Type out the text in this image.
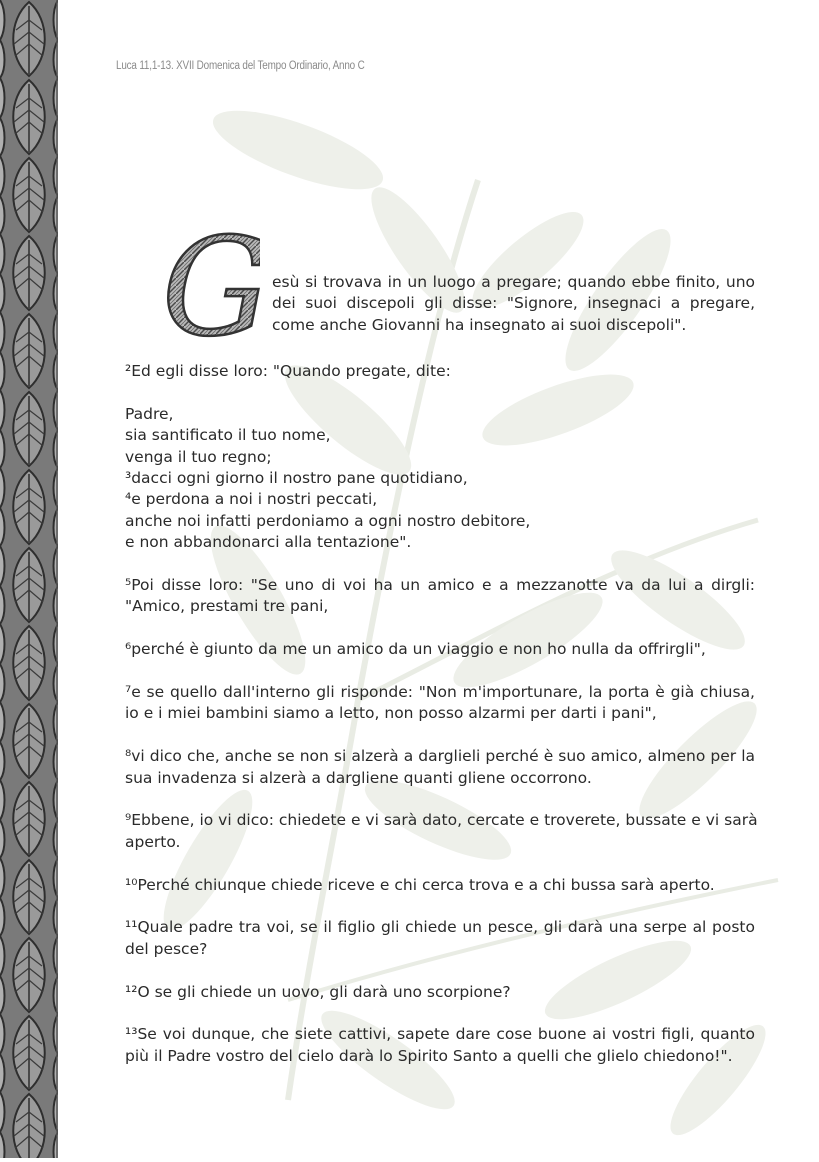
Luca 11,1-13. XVII Domenica del Tempo Ordinario, Anno C
G esù si trovava in un luogo a pregare; quando ebbe finito, uno
dei suoi discepoli gli disse: "Signore, insegnaci a pregare,
come anche Giovanni ha insegnato ai suoi discepoli".
²Ed egli disse loro: "Quando pregate, dite:
Padre,
sia santificato il tuo nome,
venga il tuo regno;
³dacci ogni giorno il nostro pane quotidiano,
⁴e perdona a noi i nostri peccati,
anche noi infatti perdoniamo a ogni nostro debitore,
e non abbandonarci alla tentazione".
⁵Poi disse loro: "Se uno di voi ha un amico e a mezzanotte va da lui a dirgli:
"Amico, prestami tre pani,
⁶perché è giunto da me un amico da un viaggio e non ho nulla da offrirgli",
⁷e se quello dall'interno gli risponde: "Non m'importunare, la porta è già chiusa,
io e i miei bambini siamo a letto, non posso alzarmi per darti i pani",
⁸vi dico che, anche se non si alzerà a darglieli perché è suo amico, almeno per la
sua invadenza si alzerà a dargliene quanti gliene occorrono.
⁹Ebbene, io vi dico: chiedete e vi sarà dato, cercate e troverete, bussate e vi sarà
aperto.
¹⁰Perché chiunque chiede riceve e chi cerca trova e a chi bussa sarà aperto.
¹¹Quale padre tra voi, se il figlio gli chiede un pesce, gli darà una serpe al posto
del pesce?
¹²O se gli chiede un uovo, gli darà uno scorpione?
¹³Se voi dunque, che siete cattivi, sapete dare cose buone ai vostri figli, quanto
più il Padre vostro del cielo darà lo Spirito Santo a quelli che glielo chiedono!".
